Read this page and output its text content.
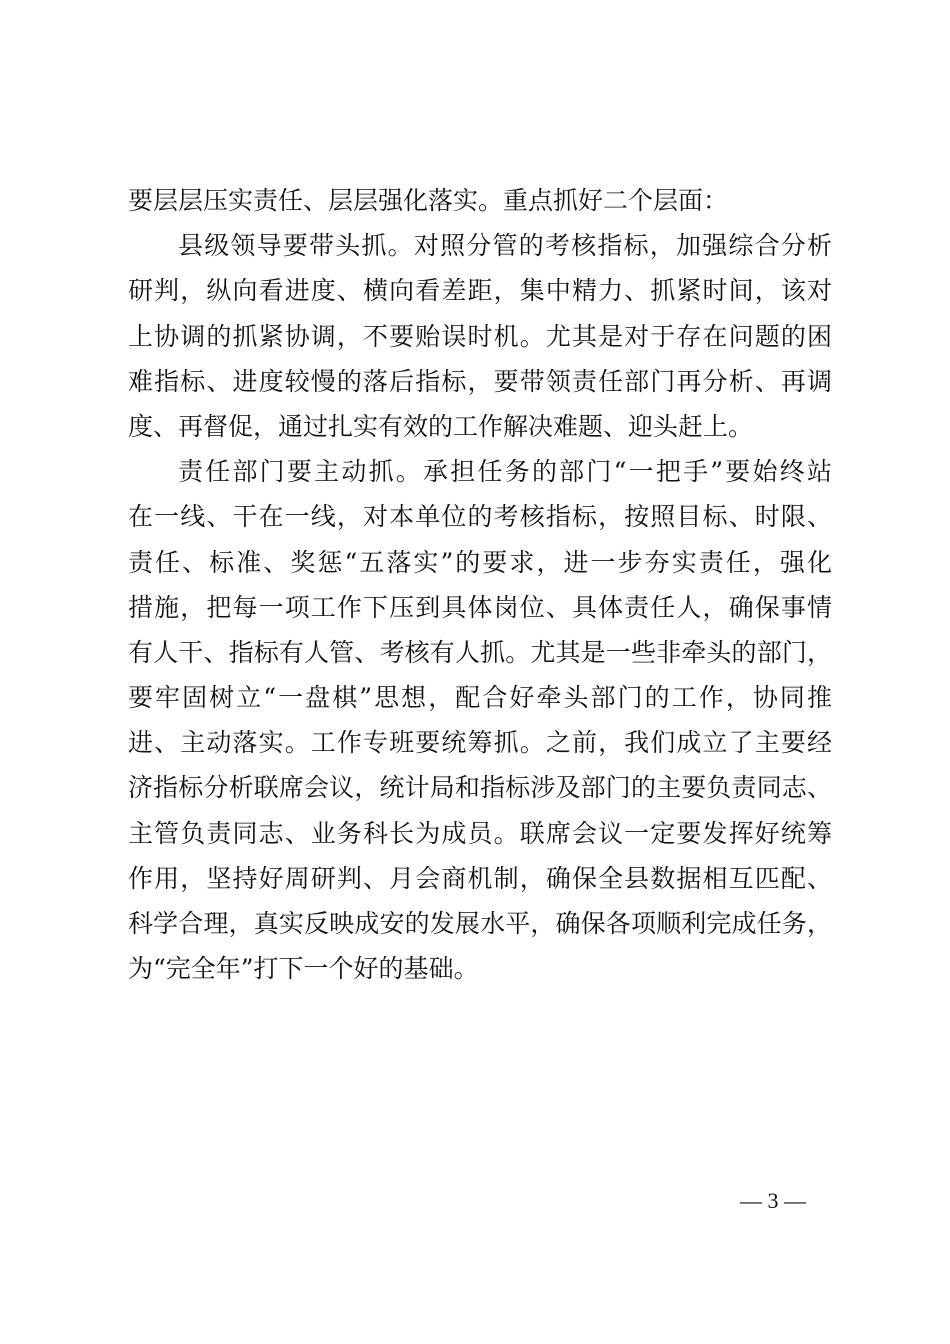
要层层压实责任、层层强化落实。重点抓好二个层面：
县级领导要带头抓。对照分管的考核指标，加强综合分析
研判，纵向看进度、横向看差距，集中精力、抓紧时间，该对
上协调的抓紧协调，不要贻误时机。尤其是对于存在问题的困
难指标、进度较慢的落后指标，要带领责任部门再分析、再调
度、再督促，通过扎实有效的工作解决难题、迎头赶上。
责任部门要主动抓。承担任务的部门“一把手”要始终站
在一线、干在一线，对本单位的考核指标，按照目标、时限、
责任、标准、奖惩“五落实”的要求，进一步夯实责任，强化
措施，把每一项工作下压到具体岗位、具体责任人，确保事情
有人干、指标有人管、考核有人抓。尤其是一些非牵头的部门，
要牢固树立“一盘棋”思想，配合好牵头部门的工作，协同推
进、主动落实。工作专班要统筹抓。之前，我们成立了主要经
济指标分析联席会议，统计局和指标涉及部门的主要负责同志、
主管负责同志、业务科长为成员。联席会议一定要发挥好统筹
作用，坚持好周研判、月会商机制，确保全县数据相互匹配、
科学合理，真实反映成安的发展水平，确保各项顺利完成任务，
为“完全年”打下一个好的基础。
— 3 —
